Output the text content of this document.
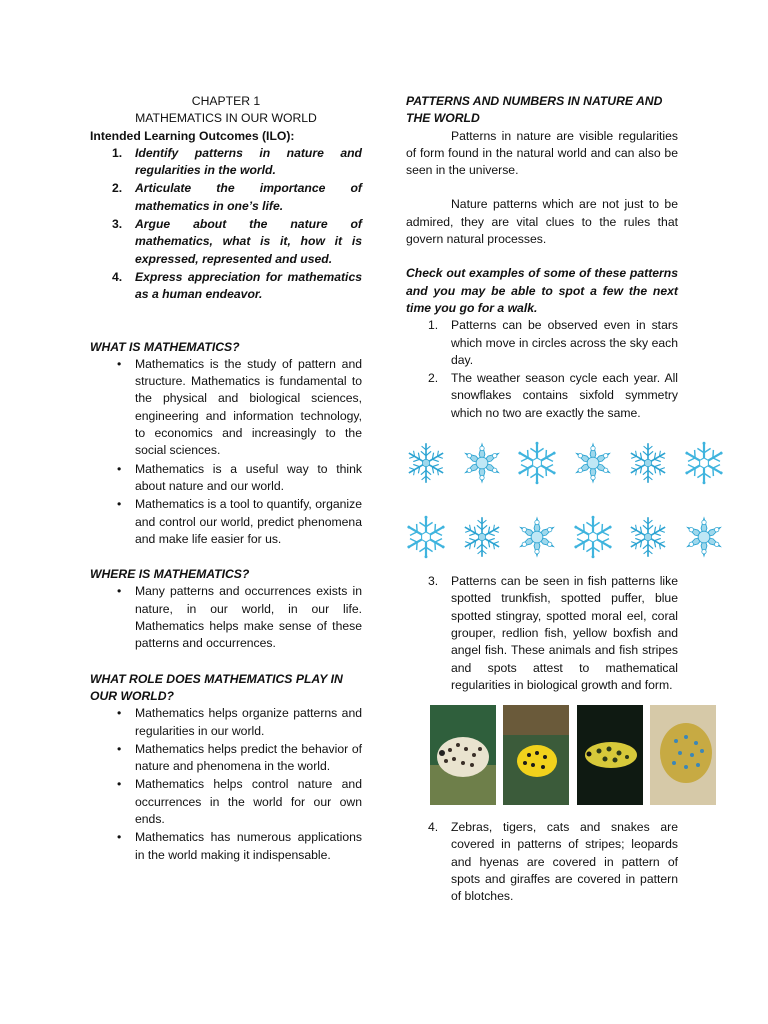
CHAPTER 1
MATHEMATICS IN OUR WORLD
Intended Learning Outcomes (ILO):
1. Identify patterns in nature and regularities in the world.
2. Articulate the importance of mathematics in one’s life.
3. Argue about the nature of mathematics, what is it, how it is expressed, represented and used.
4. Express appreciation for mathematics as a human endeavor.

WHAT IS MATHEMATICS?

• Mathematics is the study of pattern and structure. Mathematics is fundamental to the physical and biological sciences, engineering and information technology, to economics and increasingly to the social sciences.
• Mathematics is a useful way to think about nature and our world.
• Mathematics is a tool to quantify, organize and control our world, predict phenomena and make life easier for us.

WHERE IS MATHEMATICS?

• Many patterns and occurrences exists in nature, in our world, in our life. Mathematics helps make sense of these patterns and occurrences.

WHAT ROLE DOES MATHEMATICS PLAY IN OUR WORLD?

• Mathematics helps organize patterns and regularities in our world.
• Mathematics helps predict the behavior of nature and phenomena in the world.
• Mathematics helps control nature and occurrences in the world for our own ends.
• Mathematics has numerous applications in the world making it indispensable.

PATTERNS AND NUMBERS IN NATURE AND THE WORLD

Patterns in nature are visible regularities of form found in the natural world and can also be seen in the universe.

Nature patterns which are not just to be admired, they are vital clues to the rules that govern natural processes.

Check out examples of some of these patterns and you may be able to spot a few the next time you go for a walk.

1. Patterns can be observed even in stars which move in circles across the sky each day.
2. The weather season cycle each year. All snowflakes contains sixfold symmetry which no two are exactly the same.
3. Patterns can be seen in fish patterns like spotted trunkfish, spotted puffer, blue spotted stingray, spotted moral eel, coral grouper, redlion fish, yellow boxfish and angel fish. These animals and fish stripes and spots attest to mathematical regularities in biological growth and form.
4. Zebras, tigers, cats and snakes are covered in patterns of stripes; leopards and hyenas are covered in pattern of spots and giraffes are covered in pattern of blotches.
